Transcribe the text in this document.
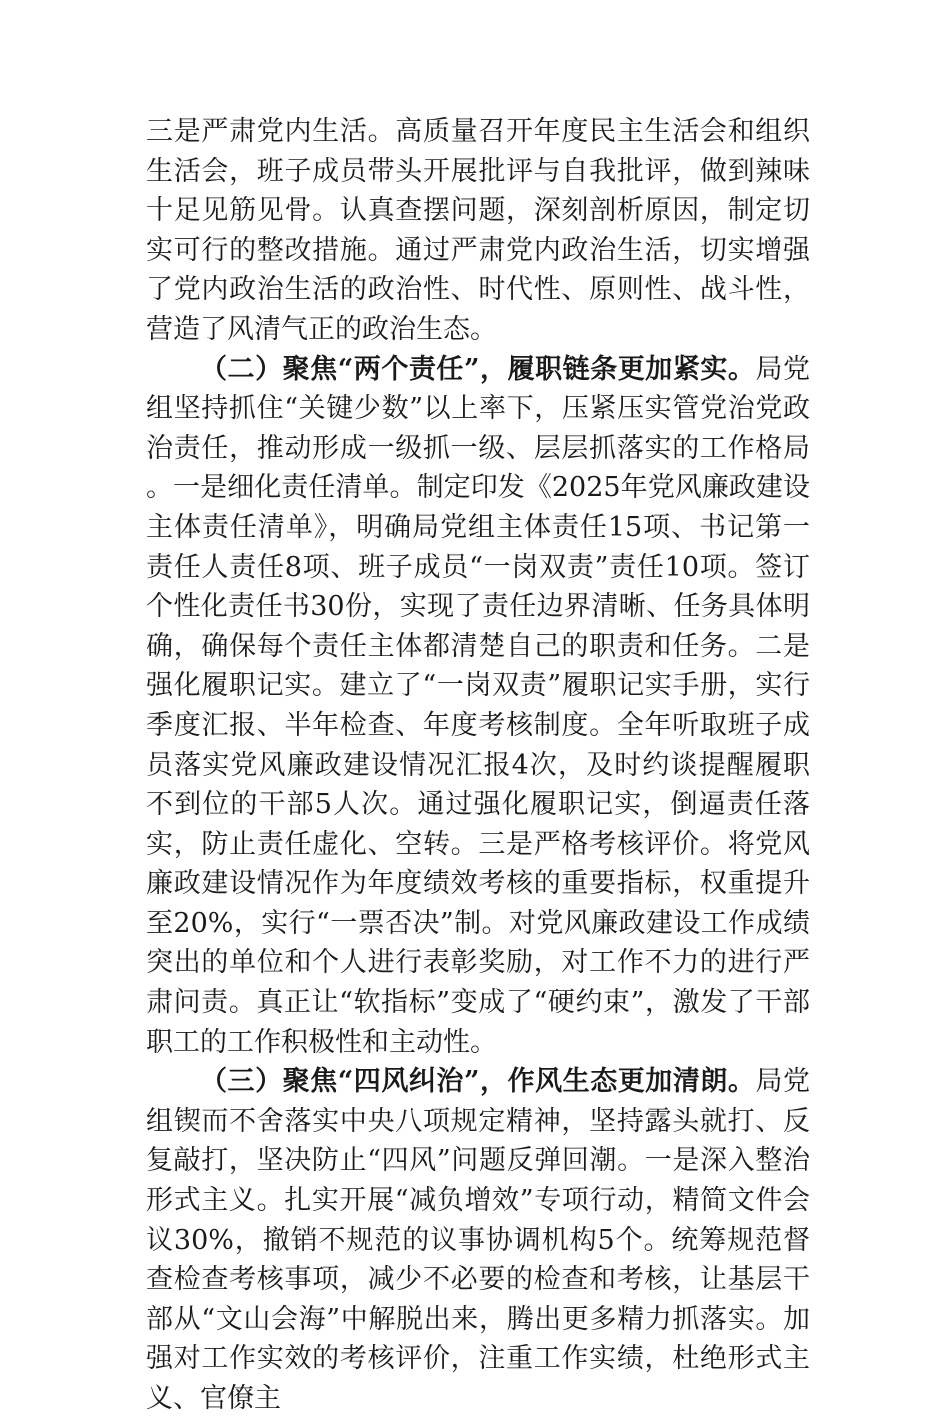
三是严肃党内生活。高质量召开年度民主生活会和组织生活会，班子成员带头开展批评与自我批评，做到辣味十足见筋见骨。认真查摆问题，深刻剖析原因，制定切实可行的整改措施。通过严肃党内政治生活，切实增强了党内政治生活的政治性、时代性、原则性、战斗性，营造了风清气正的政治生态。

（二）聚焦“两个责任”，履职链条更加紧实。局党组坚持抓住“关键少数”以上率下，压紧压实管党治党政治责任，推动形成一级抓一级、层层抓落实的工作格局。一是细化责任清单。制定印发《2025年党风廉政建设主体责任清单》，明确局党组主体责任15项、书记第一责任人责任8项、班子成员“一岗双责”责任10项。签订个性化责任书30份，实现了责任边界清晰、任务具体明确，确保每个责任主体都清楚自己的职责和任务。二是强化履职记实。建立了“一岗双责”履职记实手册，实行季度汇报、半年检查、年度考核制度。全年听取班子成员落实党风廉政建设情况汇报4次，及时约谈提醒履职不到位的干部5人次。通过强化履职记实，倒逼责任落实，防止责任虚化、空转。三是严格考核评价。将党风廉政建设情况作为年度绩效考核的重要指标，权重提升至20%，实行“一票否决”制。对党风廉政建设工作成绩突出的单位和个人进行表彰奖励，对工作不力的进行严肃问责。真正让“软指标”变成了“硬约束”，激发了干部职工的工作积极性和主动性。

（三）聚焦“四风纠治”，作风生态更加清朗。局党组锲而不舍落实中央八项规定精神，坚持露头就打、反复敲打，坚决防止“四风”问题反弹回潮。一是深入整治形式主义。扎实开展“减负增效”专项行动，精简文件会议30%，撤销不规范的议事协调机构5个。统筹规范督查检查考核事项，减少不必要的检查和考核，让基层干部从“文山会海”中解脱出来，腾出更多精力抓落实。加强对工作实效的考核评价，注重工作实绩，杜绝形式主义、官僚主
